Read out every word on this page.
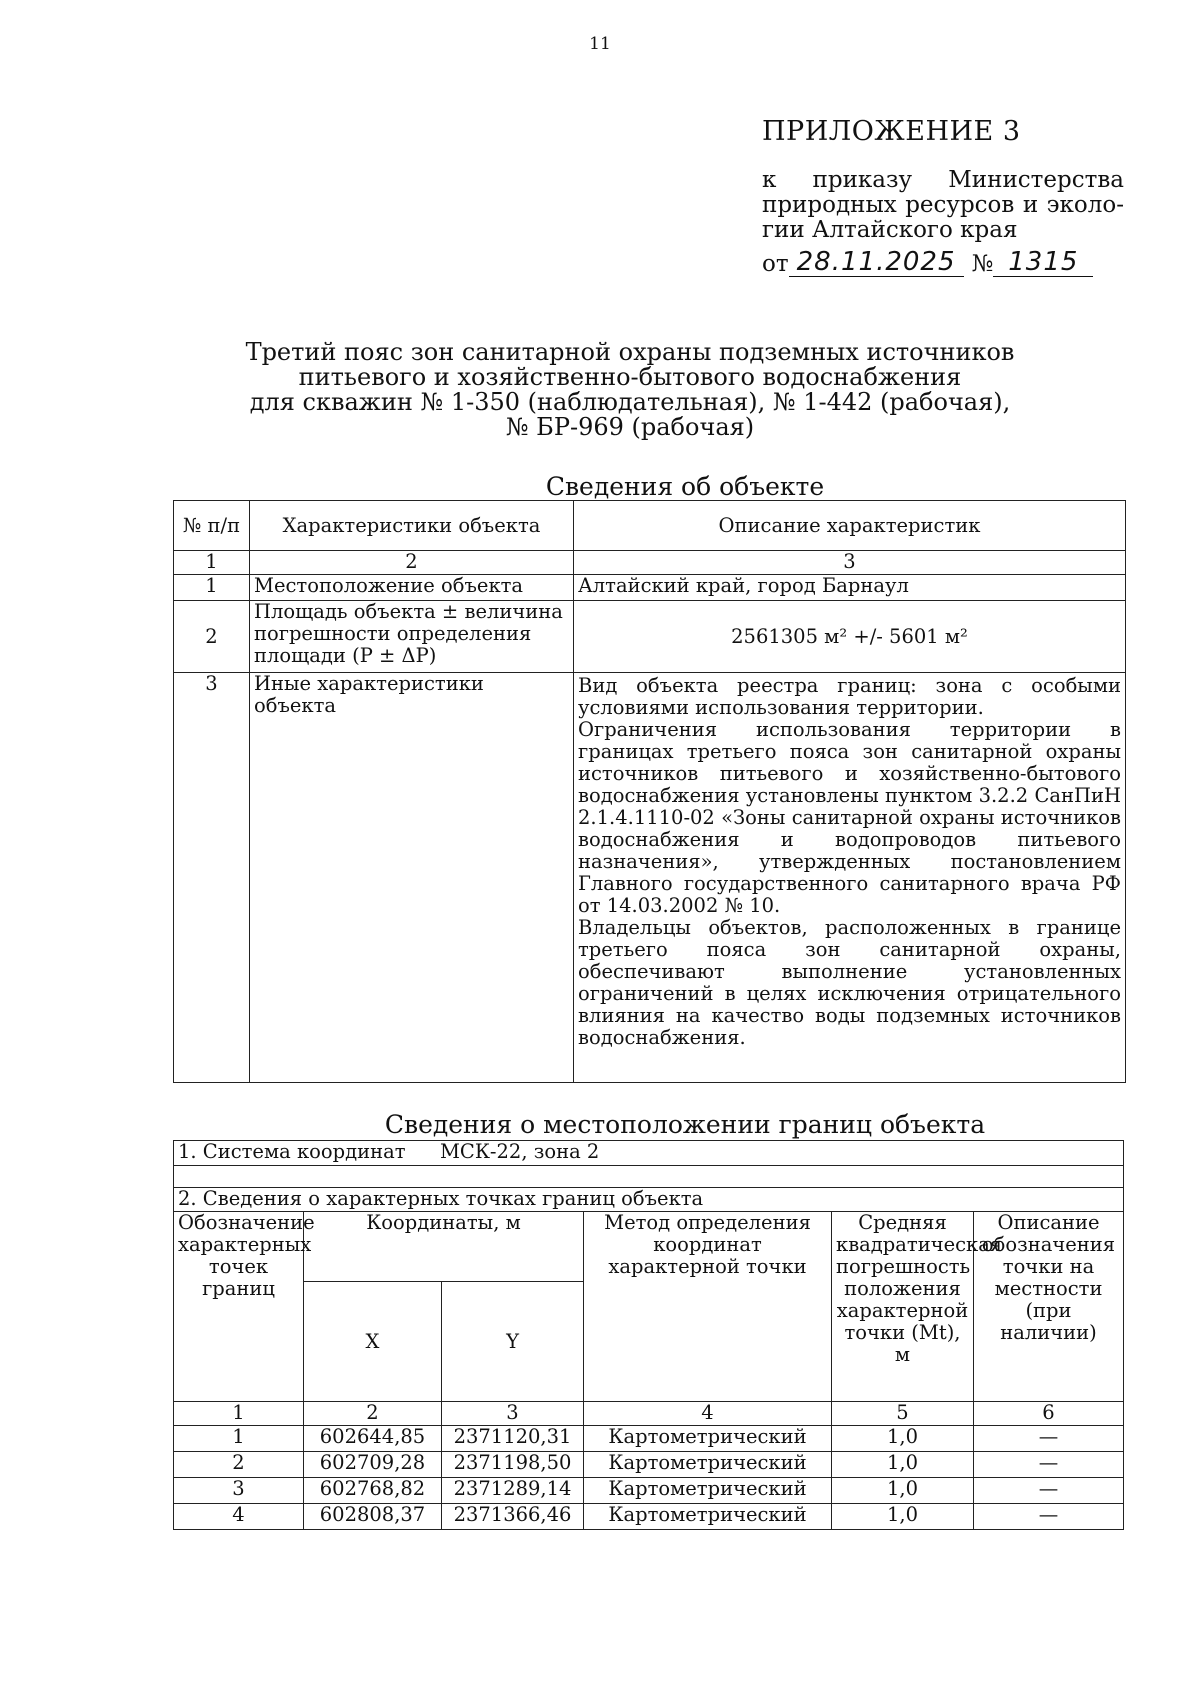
11
ПРИЛОЖЕНИЕ 3
к приказу Министерства
природных ресурсов и эколо-
гии Алтайского края
от 28.11.2025 № 1315
Третий пояс зон санитарной охраны подземных источников
питьевого и хозяйственно-бытового водоснабжения
для скважин № 1-350 (наблюдательная), № 1-442 (рабочая),
№ БР-969 (рабочая)
Сведения об объекте
№ п/п	Характеристики объекта	Описание характеристик
1	2	3
1	Местоположение объекта	Алтайский край, город Барнаул
2	Площадь объекта ± величина погрешности определения площади (P ± ΔP)	2561305 м² +/- 5601 м²
3	Иные характеристики объекта	Вид объекта реестра границ: зона с особыми условиями использования территории.
Ограничения использования территории в границах третьего пояса зон санитарной охраны источников питьевого и хозяйственно-бытового водоснабжения установлены пунктом 3.2.2 СанПиН 2.1.4.1110-02 «Зоны санитарной охраны источников водоснабжения и водопроводов питьевого назначения», утвержденных постановлением Главного государственного санитарного врача РФ от 14.03.2002 № 10.
Владельцы объектов, расположенных в границе третьего пояса зон санитарной охраны, обеспечивают выполнение установленных ограничений в целях исключения отрицательного влияния на качество воды подземных источников водоснабжения.
Сведения о местоположении границ объекта
1. Система координат МСК-22, зона 2					

2. Сведения о характерных точках границ объекта					
Обозначение характерных точек границ	Координаты, м		Метод определения координат характерной точки	Средняя квадратическая погрешность положения характерной точки (Mt), м	Описание обозначения точки на местности (при наличии)
	X	Y			
1	2	3	4	5	6
1	602644,85	2371120,31	Картометрический	1,0	—
2	602709,28	2371198,50	Картометрический	1,0	—
3	602768,82	2371289,14	Картометрический	1,0	—
4	602808,37	2371366,46	Картометрический	1,0	—
